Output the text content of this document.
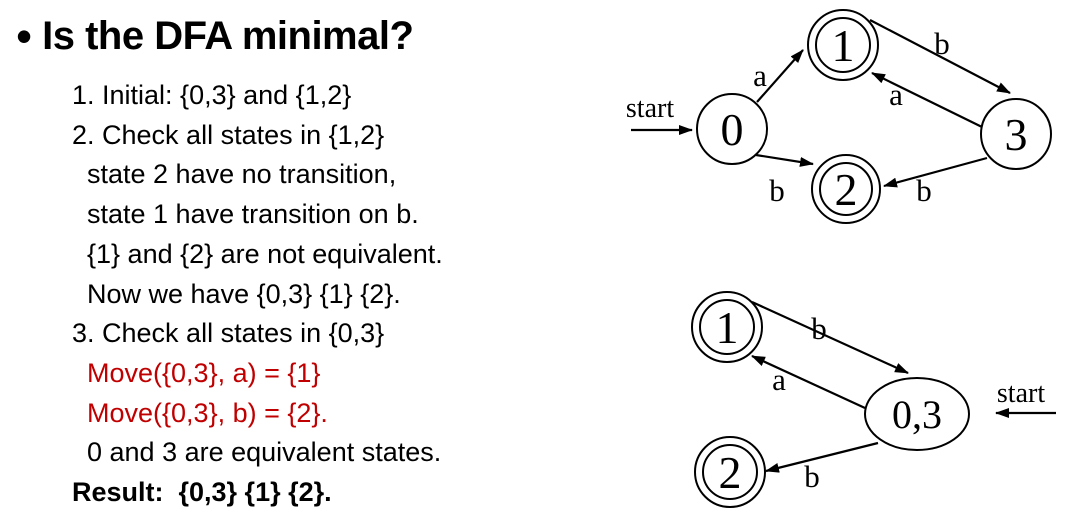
• Is the DFA minimal?
1. Initial: {0,3} and {1,2}
2. Check all states in {1,2}
state 2 have no transition,
state 1 have transition on b.
{1} and {2} are not equivalent.
Now we have {0,3} {1} {2}.
3. Check all states in {0,3}
Move({0,3}, a) = {1}
Move({0,3}, b) = {2}.
0 and 3 are equivalent states.
Result:  {0,3} {1} {2}.
start
a
b
b
a
b
0
1
2
3
b
a
b
start
1
2
0,3
